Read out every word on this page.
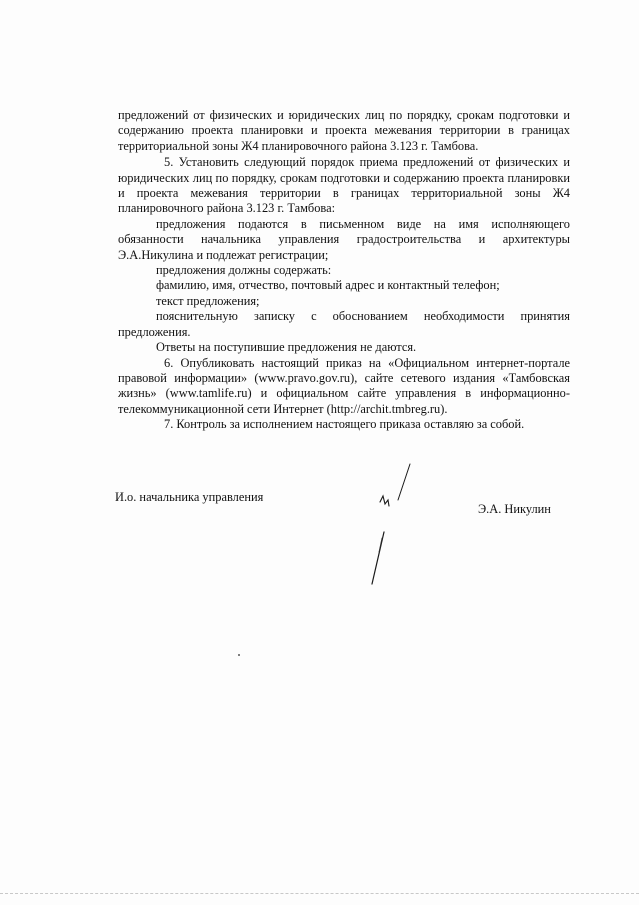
предложений от физических и юридических лиц по порядку, срокам подготовки и содержанию проекта планировки и проекта межевания территории в границах территориальной зоны Ж4 планировочного района 3.123 г. Тамбова.

5. Установить следующий порядок приема предложений от физических и юридических лиц по порядку, срокам подготовки и содержанию проекта планировки и проекта межевания территории в границах территориальной зоны Ж4 планировочного района 3.123 г. Тамбова:

предложения подаются в письменном виде на имя исполняющего обязанности начальника управления градостроительства и архитектуры Э.А.Никулина и подлежат регистрации;

предложения должны содержать:

фамилию, имя, отчество, почтовый адрес и контактный телефон;

текст предложения;

пояснительную записку с обоснованием необходимости принятия предложения.

Ответы на поступившие предложения не даются.

6. Опубликовать настоящий приказ на «Официальном интернет-портале правовой информации» (www.pravo.gov.ru), сайте сетевого издания «Тамбовская жизнь» (www.tamlife.ru) и официальном сайте управления в информационно-телекоммуникационной сети Интернет (http://archit.tmbreg.ru).

7. Контроль за исполнением настоящего приказа оставляю за собой.

И.о. начальника управления
Э.А. Никулин
